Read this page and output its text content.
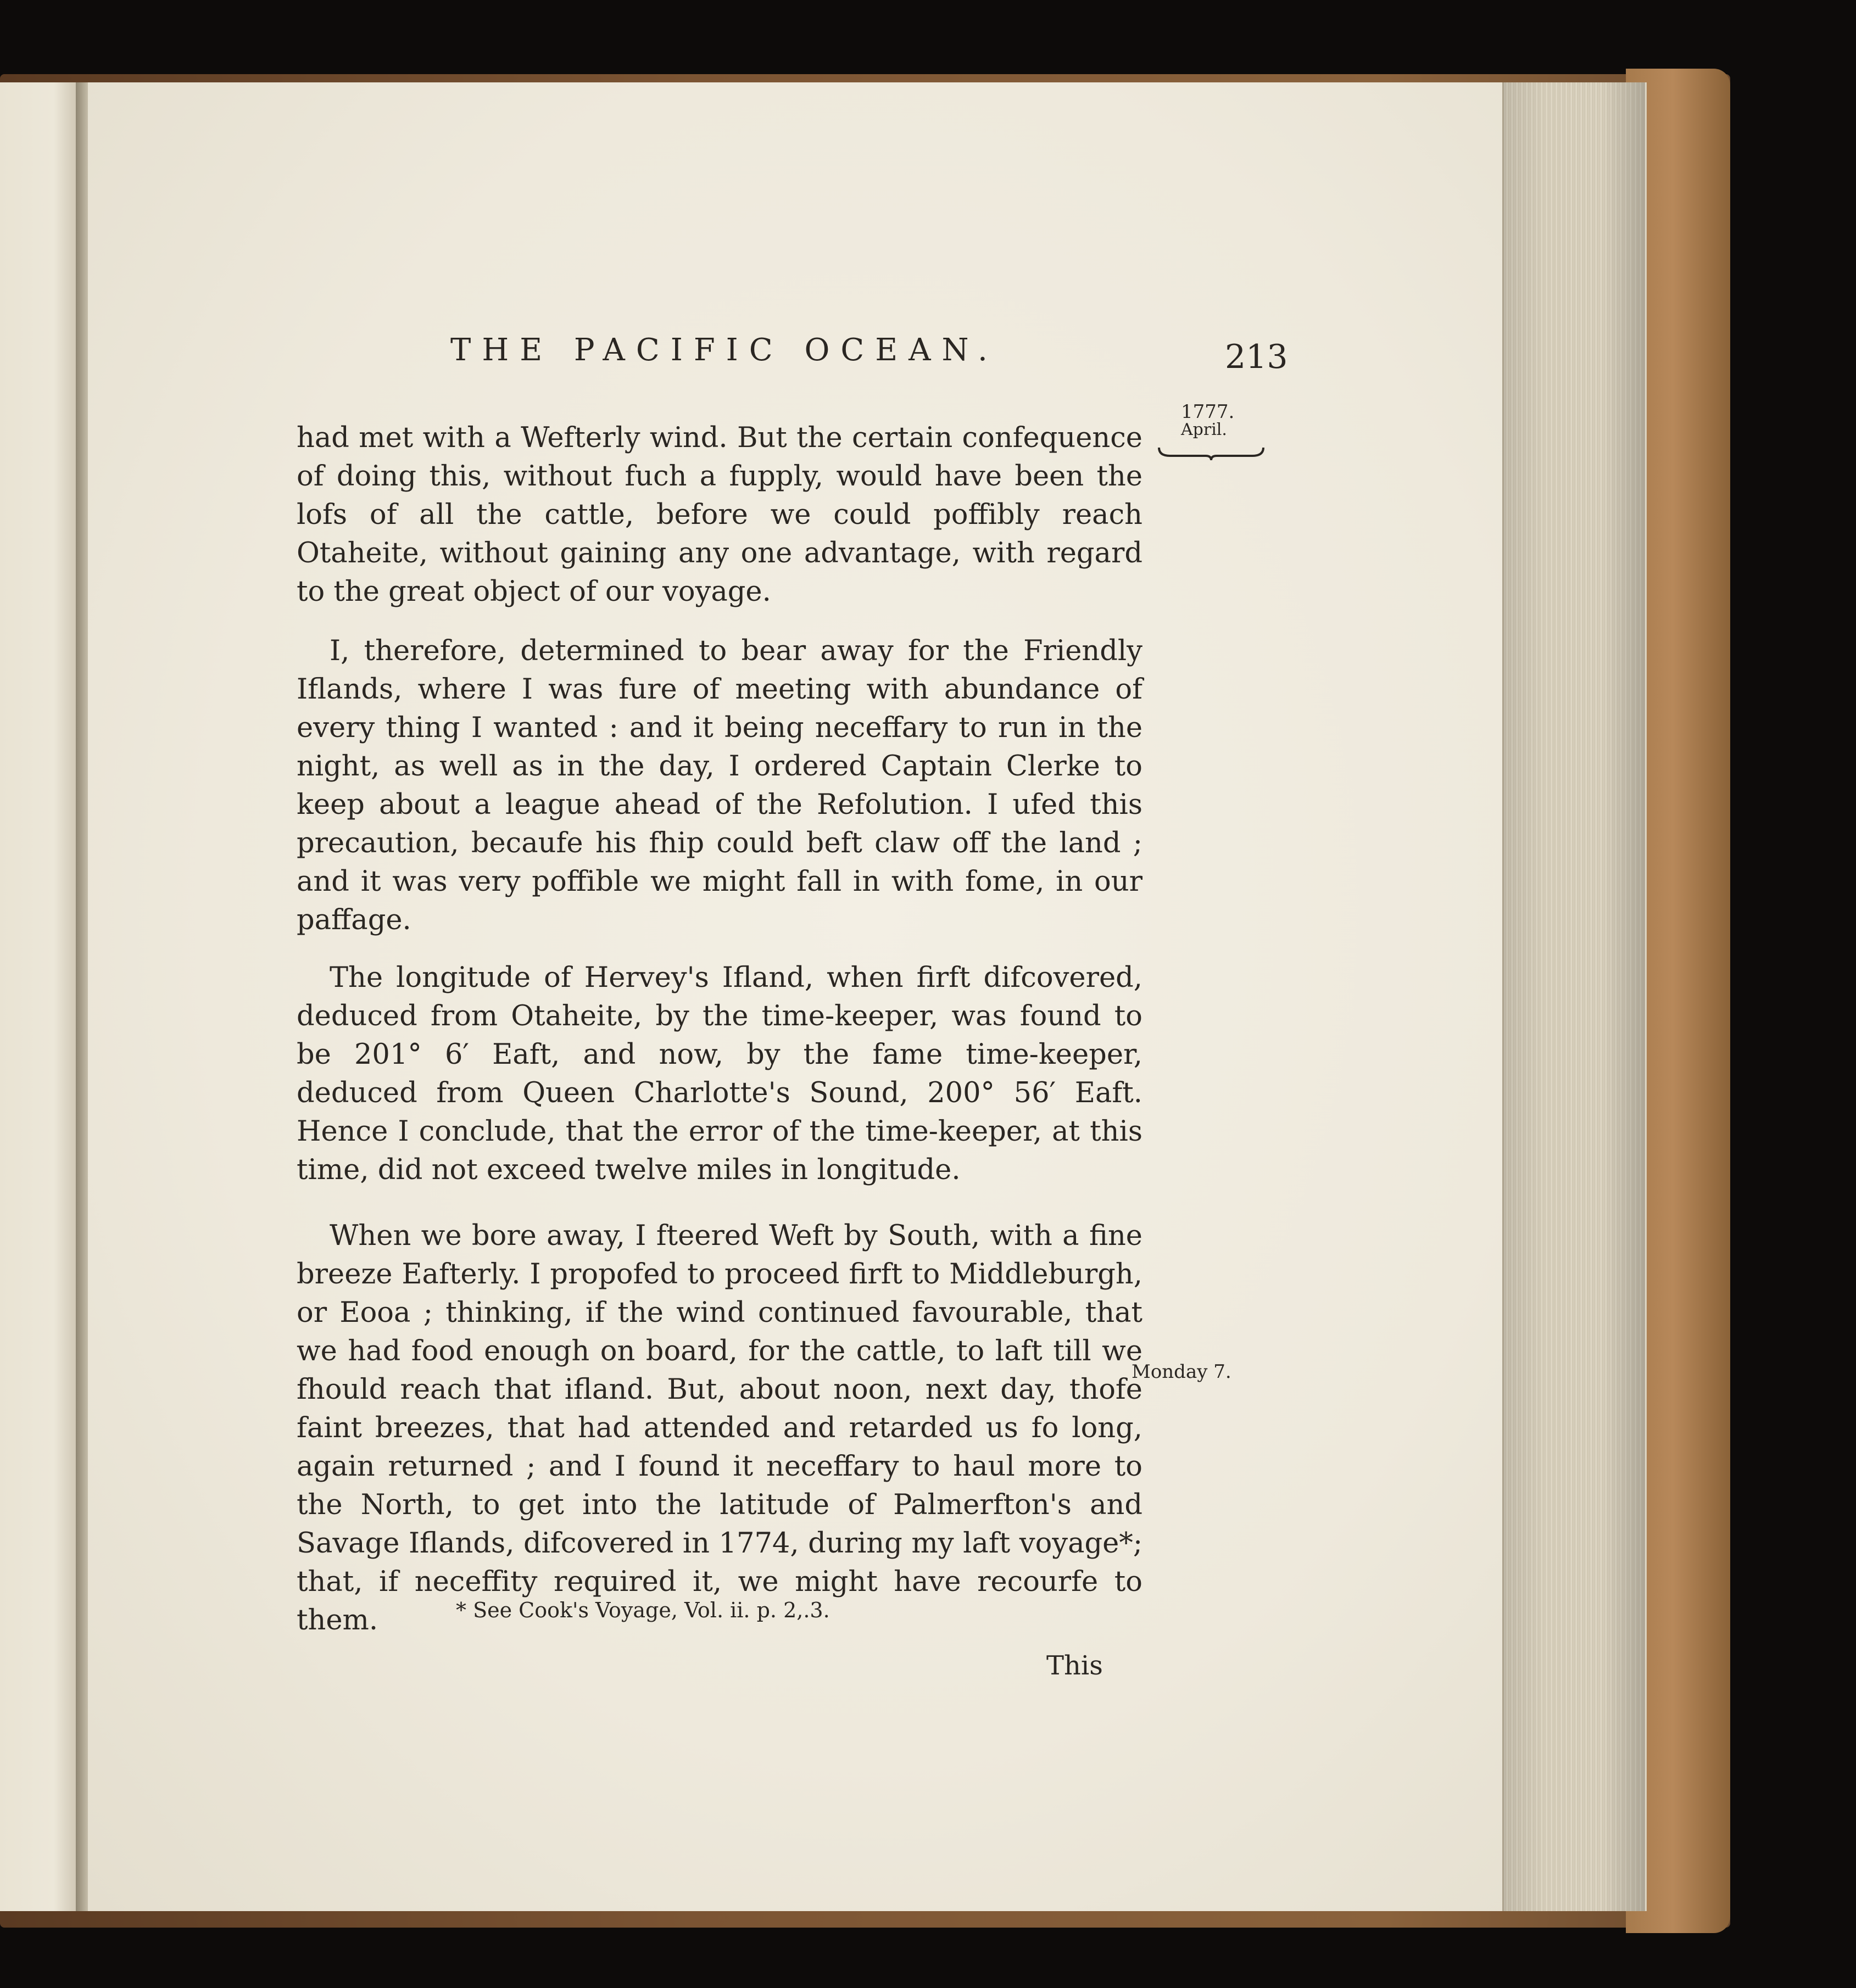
THE PACIFIC OCEAN.	213
1777.
April.

had met with a Wefterly wind. But the certain confequence of doing this, without fuch a fupply, would have been the lofs of all the cattle, before we could poffibly reach Otaheite, without gaining any one advantage, with regard to the great object of our voyage.

I, therefore, determined to bear away for the Friendly Iflands, where I was fure of meeting with abundance of every thing I wanted : and it being neceffary to run in the night, as well as in the day, I ordered Captain Clerke to keep about a league ahead of the Refolution. I ufed this precaution, becaufe his fhip could beft claw off the land ; and it was very poffible we might fall in with fome, in our paffage.

The longitude of Hervey's Ifland, when firft difcovered, deduced from Otaheite, by the time-keeper, was found to be 201° 6′ Eaft, and now, by the fame time-keeper, deduced from Queen Charlotte's Sound, 200° 56′ Eaft. Hence I conclude, that the error of the time-keeper, at this time, did not exceed twelve miles in longitude.

When we bore away, I fteered Weft by South, with a fine breeze Eafterly. I propofed to proceed firft to Middleburgh, or Eooa ; thinking, if the wind continued favourable, that we had food enough on board, for the cattle, to laft till we fhould reach that ifland. But, about noon, next day, thofe faint breezes, that had attended and retarded us fo long, again returned ; and I found it neceffary to haul more to the North, to get into the latitude of Palmerfton's and Savage Iflands, difcovered in 1774, during my laft voyage*; that, if neceffity required it, we might have recourfe to them.

Monday 7.
* See Cook's Voyage, Vol. ii. p. 2,.3.
This
